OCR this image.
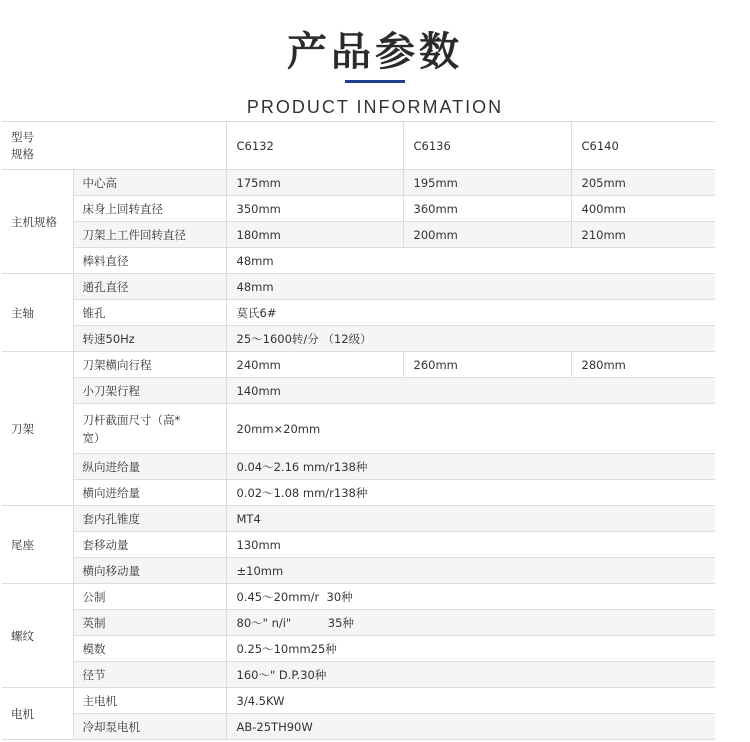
产品参数
PRODUCT INFORMATION
型号
规格		C6132	C6136	C6140
主机规格	中心高	175mm	195mm	205mm
	床身上回转直径	350mm	360mm	400mm
	刀架上工件回转直径	180mm	200mm	210mm
	棒料直径	48mm		
主轴	通孔直径	48mm		
	锥孔	莫氏6#		
	转速50Hz	25～1600转/分 （12级）		
刀架	刀架横向行程	240mm	260mm	280mm
	小刀架行程	140mm		
	刀杆截面尺寸（高*宽）	20mm×20mm		
	纵向进给量	0.04～2.16 mm/r138种		
	横向进给量	0.02～1.08 mm/r138种		
尾座	套内孔锥度	MT4		
	套移动量	130mm		
	横向移动量	±10mm		
螺纹	公制	0.45～20mm/r  30种		
	英制	80～" n/i"          35种		
	模数	0.25～10mm25种		
	径节	160～" D.P.30种		
电机	主电机	3/4.5KW		
	冷却泵电机	AB-25TH90W		
